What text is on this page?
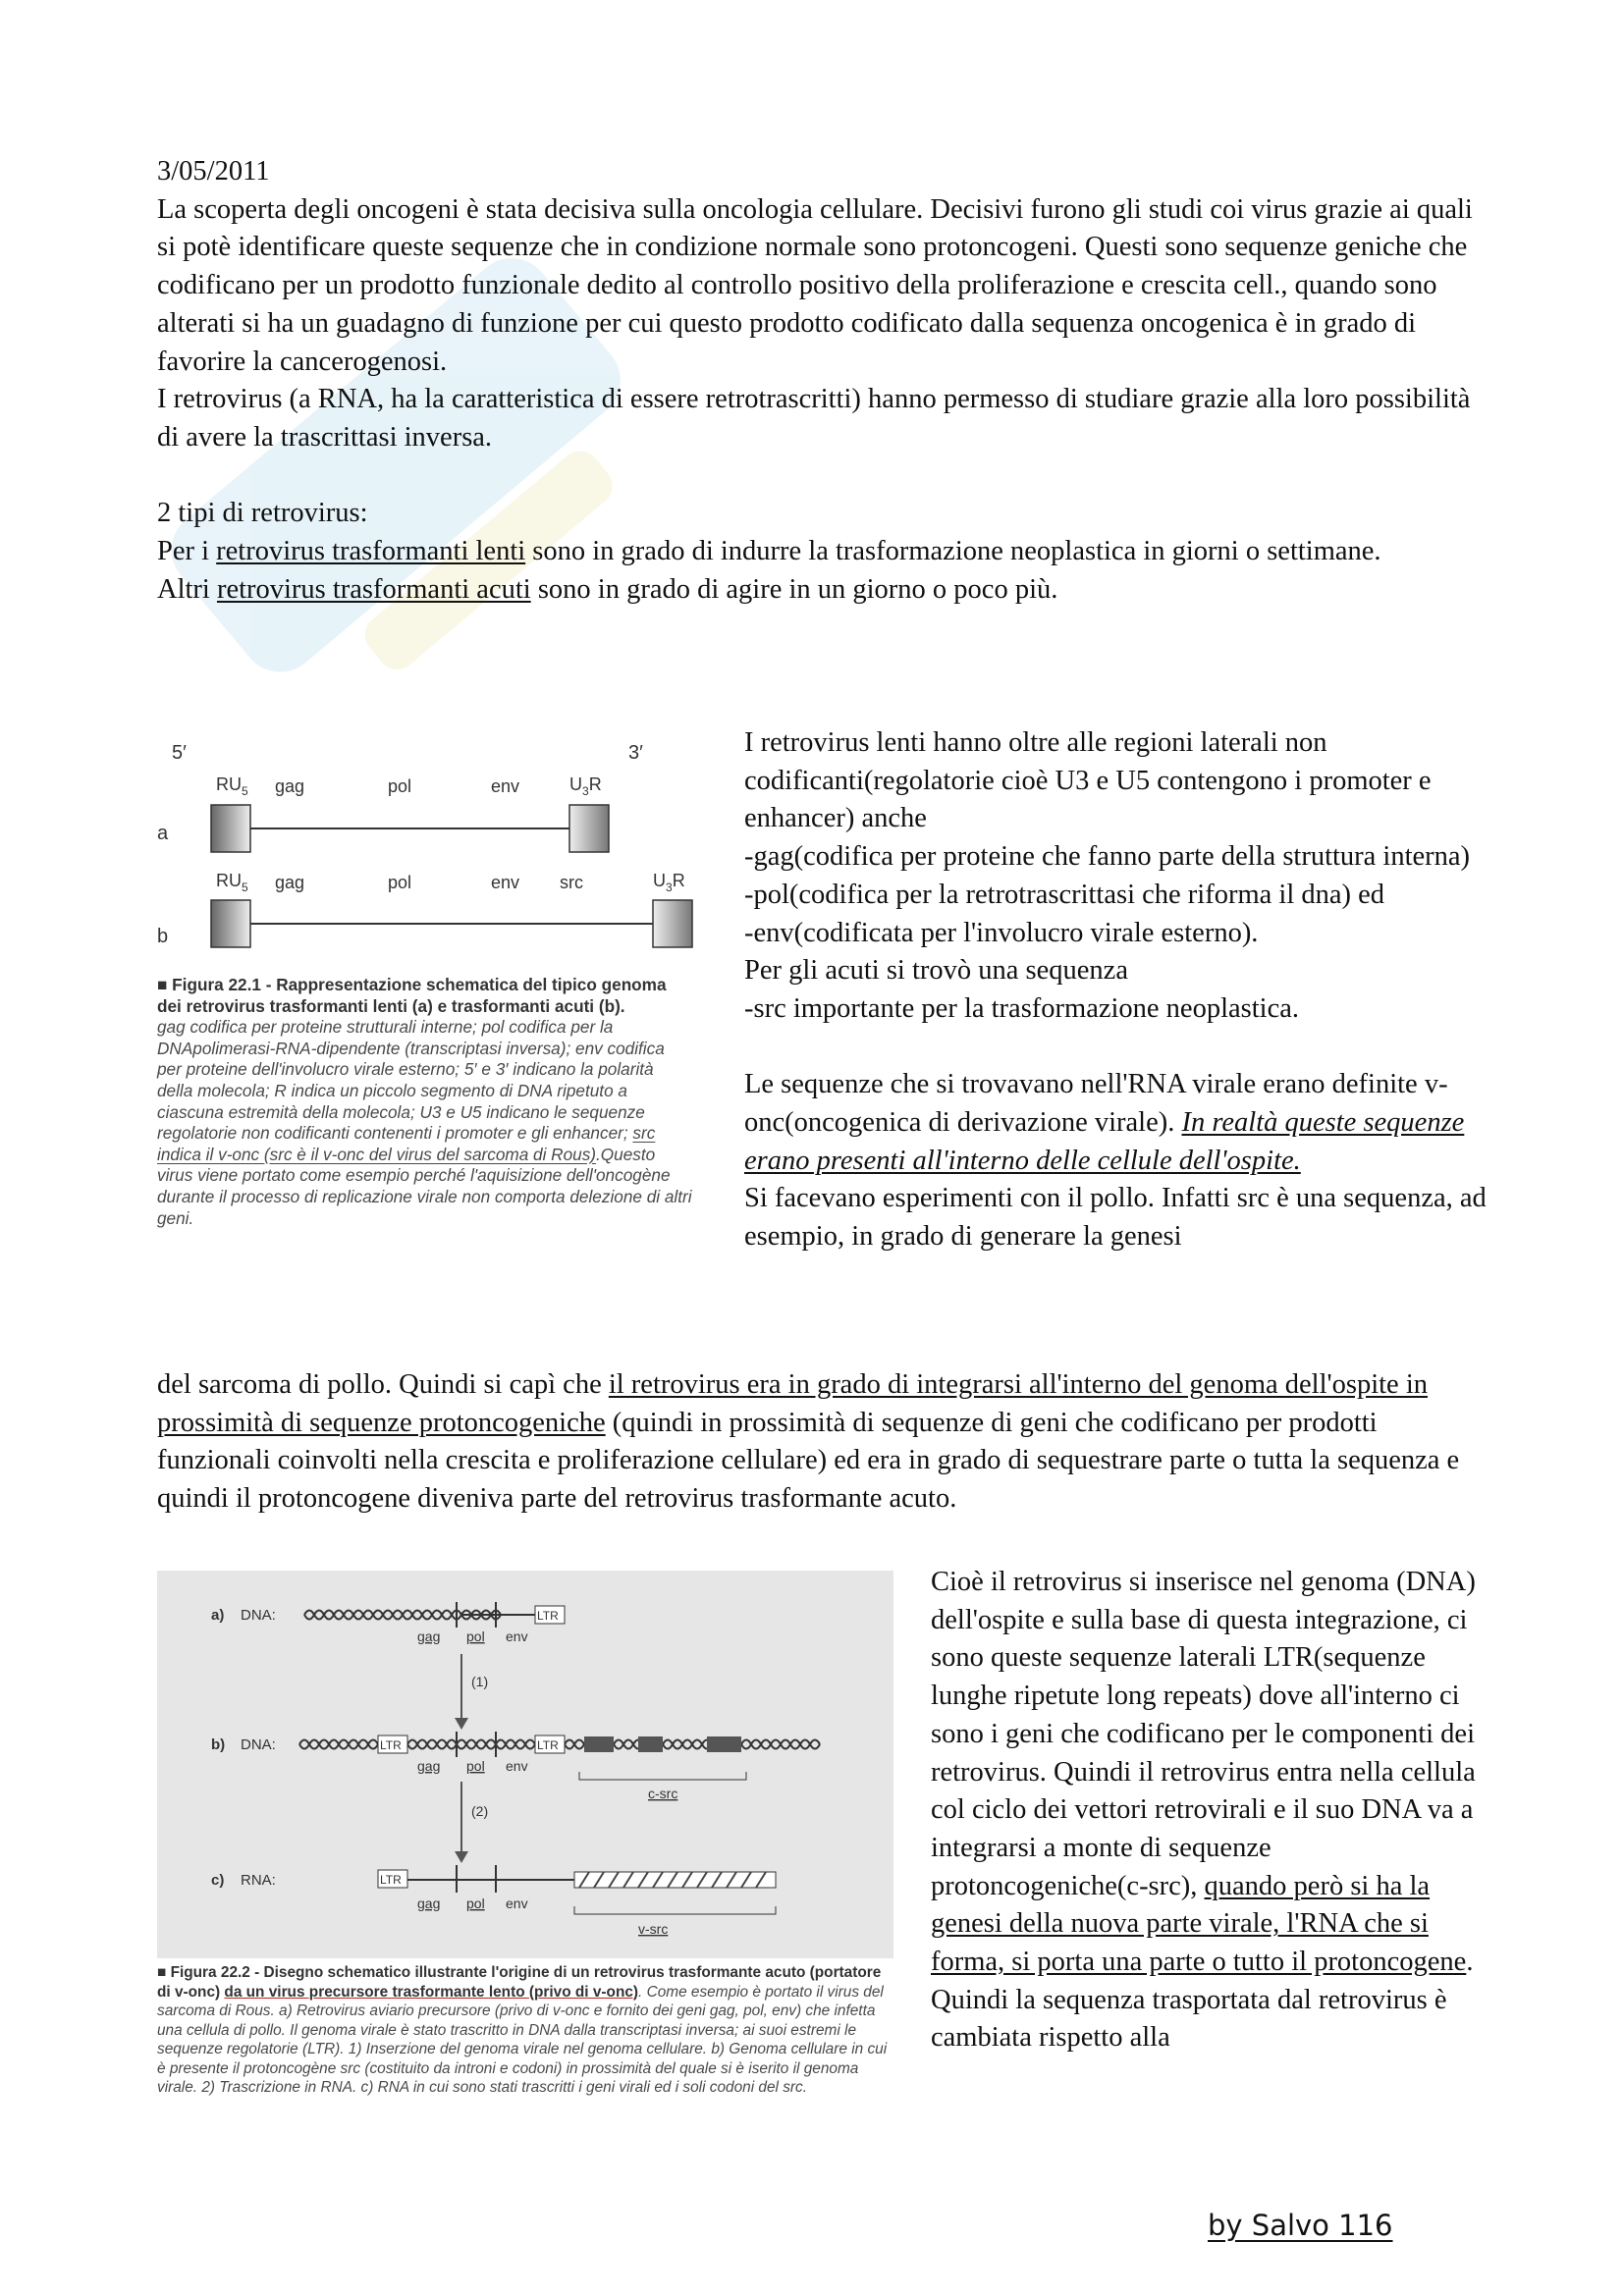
3/05/2011

La scoperta degli oncogeni è stata decisiva sulla oncologia cellulare. Decisivi furono gli studi coi virus grazie ai quali si potè identificare queste sequenze che in condizione normale sono protoncogeni. Questi sono sequenze geniche che codificano per un prodotto funzionale dedito al controllo positivo della proliferazione e crescita cell., quando sono alterati si ha un guadagno di funzione per cui questo prodotto codificato dalla sequenza oncogenica è in grado di favorire la cancerogenosi.

I retrovirus (a RNA, ha la caratteristica di essere retrotrascritti) hanno permesso di studiare grazie alla loro possibilità di avere la trascrittasi inversa.

2 tipi di retrovirus:

Per i retrovirus trasformanti lenti sono in grado di indurre la trasformazione neoplastica in giorni o settimane.

Altri retrovirus trasformanti acuti sono in grado di agire in un giorno o poco più.

5′	3′
a
b
$RU_5$ gag	pol	env	$U_3R$
$RU_5$ gag	pol	env src	$U_3R$
■ Figura 22.1 - Rappresentazione schematica del tipico genoma dei retrovirus trasformanti lenti (a) e trasformanti acuti (b).
gag codifica per proteine strutturali interne; pol codifica per la DNApolimerasi-RNA-dipendente (transcriptasi inversa); env codifica per proteine dell'involucro virale esterno; 5′ e 3′ indicano la polarità della molecola; R indica un piccolo segmento di DNA ripetuto a ciascuna estremità della molecola; U3 e U5 indicano le sequenze regolatorie non codificanti contenenti i promoter e gli enhancer; src indica il v-onc (src è il v-onc del virus del sarcoma di Rous).Questo virus viene portato come esempio perché l'aquisizione dell'oncogène durante il processo di replicazione virale non comporta delezione di altri geni.

I retrovirus lenti hanno oltre alle regioni laterali non codificanti(regolatorie cioè U3 e U5 contengono i promoter e enhancer) anche

-gag(codifica per proteine che fanno parte della struttura interna)

-pol(codifica per la retrotrascrittasi che riforma il dna) ed

-env(codificata per l'involucro virale esterno).

Per gli acuti si trovò una sequenza

-src importante per la trasformazione neoplastica.

Le sequenze che si trovavano nell'RNA virale erano definite v-onc(oncogenica di derivazione virale). In realtà queste sequenze erano presenti all'interno delle cellule dell'ospite.

Si facevano esperimenti con il pollo. Infatti src è una sequenza, ad esempio, in grado di generare la genesi

del sarcoma di pollo. Quindi si capì che il retrovirus era in grado di integrarsi all'interno del genoma dell'ospite in prossimità di sequenze protoncogeniche (quindi in prossimità di sequenze di geni che codificano per prodotti funzionali coinvolti nella crescita e proliferazione cellulare) ed era in grado di sequestrare parte o tutta la sequenza e quindi il protoncogene diveniva parte del retrovirus trasformante acuto.

a) DNA:	LTR
gag pol env
(1)
b) DNA:	LTR	LTR
gag pol env
c-src
(2)
c) RNA:	LTR
gag pol env
v-src
■ Figura 22.2 - Disegno schematico illustrante l'origine di un retrovirus trasformante acuto (portatore di v-onc) da un virus precursore trasformante lento (privo di v-onc). Come esempio è portato il virus del sarcoma di Rous. a) Retrovirus aviario precursore (privo di v-onc e fornito dei geni gag, pol, env) che infetta una cellula di pollo. Il genoma virale è stato trascritto in DNA dalla transcriptasi inversa; ai suoi estremi le sequenze regolatorie (LTR). 1) Inserzione del genoma virale nel genoma cellulare. b) Genoma cellulare in cui è presente il protoncogène src (costituito da introni e codoni) in prossimità del quale si è iserito il genoma virale. 2) Trascrizione in RNA. c) RNA in cui sono stati trascritti i geni virali ed i soli codoni del src.

Cioè il retrovirus si inserisce nel genoma (DNA) dell'ospite e sulla base di questa integrazione, ci sono queste sequenze laterali LTR(sequenze lunghe ripetute long repeats) dove all'interno ci sono i geni che codificano per le componenti dei retrovirus. Quindi il retrovirus entra nella cellula col ciclo dei vettori retrovirali e il suo DNA va a integrarsi a monte di sequenze protoncogeniche(c-src), quando però si ha la genesi della nuova parte virale, l'RNA che si forma, si porta una parte o tutto il protoncogene. Quindi la sequenza trasportata dal retrovirus è cambiata rispetto alla

by Salvo 116
